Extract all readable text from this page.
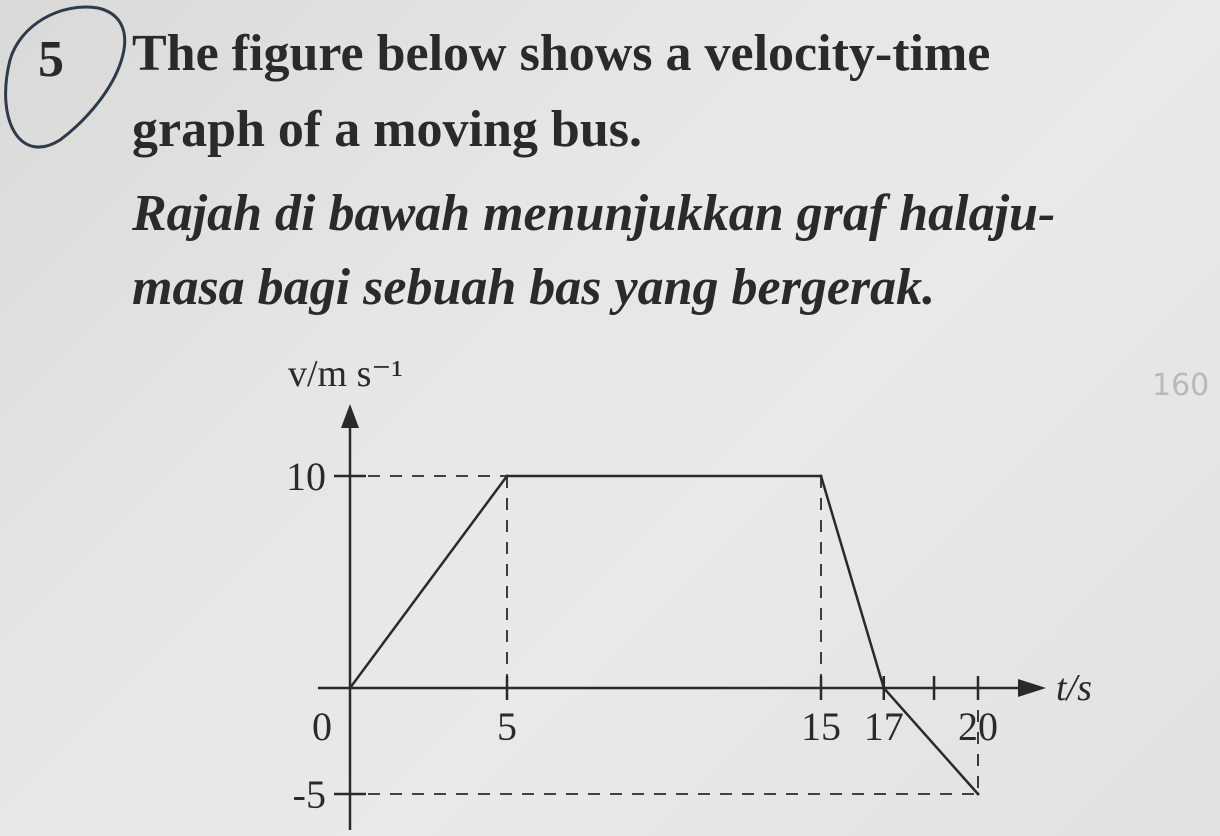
5 The figure below shows a velocity-time
graph of a moving bus.
Rajah di bawah menunjukkan graf halaju-
masa bagi sebuah bas yang bergerak.
160
10
-5
0	5	15 17 20
v/m s⁻¹
t/s
